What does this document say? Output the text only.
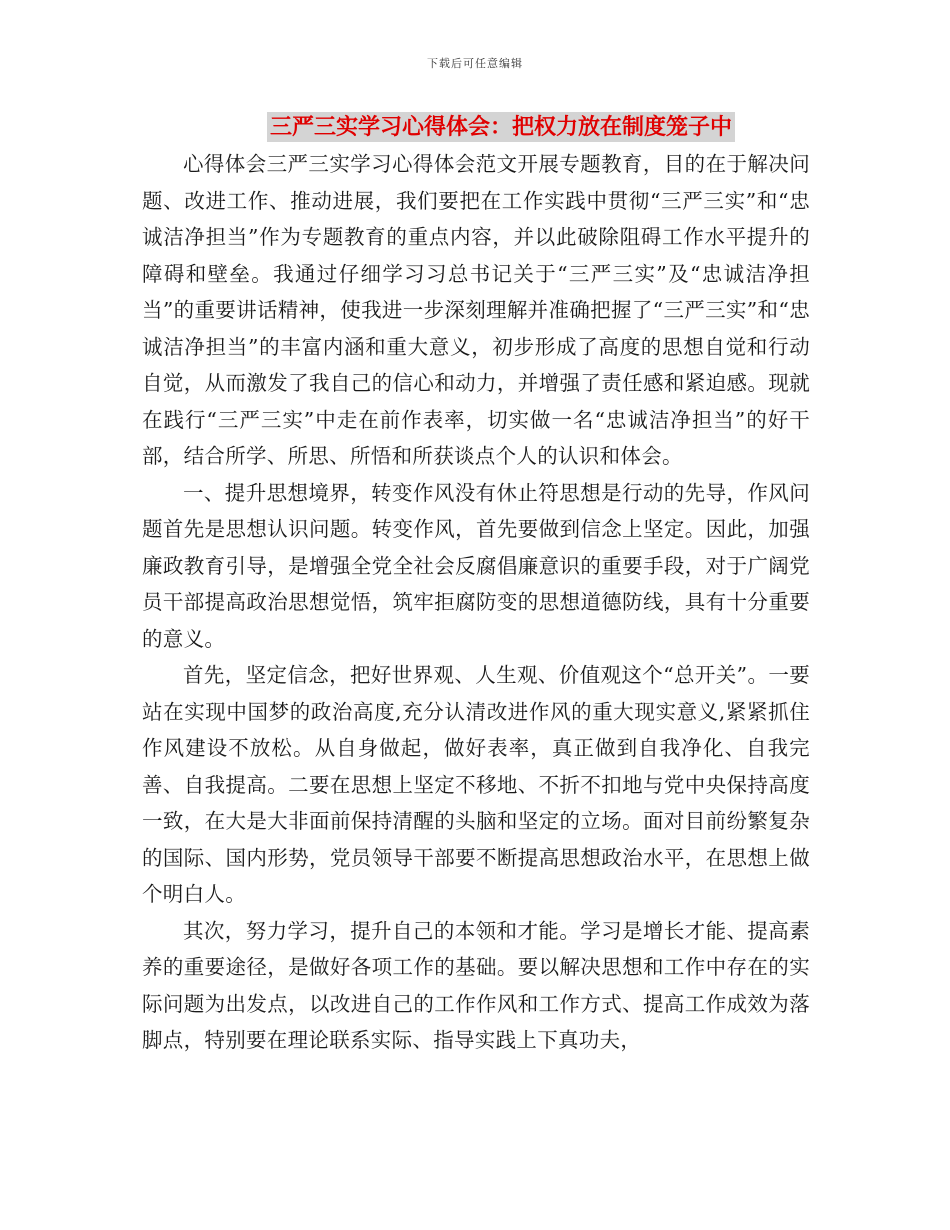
下载后可任意编辑
三严三实学习心得体会：把权力放在制度笼子中

心得体会三严三实学习心得体会范文开展专题教育，目的在于解决问题、改进工作、推动进展，我们要把在工作实践中贯彻“三严三实”和“忠诚洁净担当”作为专题教育的重点内容，并以此破除阻碍工作水平提升的障碍和壁垒。我通过仔细学习习总书记关于“三严三实”及“忠诚洁净担当”的重要讲话精神，使我进一步深刻理解并准确把握了“三严三实”和“忠诚洁净担当”的丰富内涵和重大意义，初步形成了高度的思想自觉和行动自觉，从而激发了我自己的信心和动力，并增强了责任感和紧迫感。现就在践行“三严三实”中走在前作表率，切实做一名“忠诚洁净担当”的好干部，结合所学、所思、所悟和所获谈点个人的认识和体会。

一、提升思想境界，转变作风没有休止符思想是行动的先导，作风问题首先是思想认识问题。转变作风，首先要做到信念上坚定。因此，加强廉政教育引导，是增强全党全社会反腐倡廉意识的重要手段，对于广阔党员干部提高政治思想觉悟，筑牢拒腐防变的思想道德防线，具有十分重要的意义。

首先，坚定信念，把好世界观、人生观、价值观这个“总开关”。一要站在实现中国梦的政治高度,充分认清改进作风的重大现实意义,紧紧抓住作风建设不放松。从自身做起，做好表率，真正做到自我净化、自我完善、自我提高。二要在思想上坚定不移地、不折不扣地与党中央保持高度一致，在大是大非面前保持清醒的头脑和坚定的立场。面对目前纷繁复杂的国际、国内形势，党员领导干部要不断提高思想政治水平，在思想上做个明白人。

其次，努力学习，提升自己的本领和才能。学习是增长才能、提高素养的重要途径，是做好各项工作的基础。要以解决思想和工作中存在的实际问题为出发点，以改进自己的工作作风和工作方式、提高工作成效为落脚点，特别要在理论联系实际、指导实践上下真功夫，
